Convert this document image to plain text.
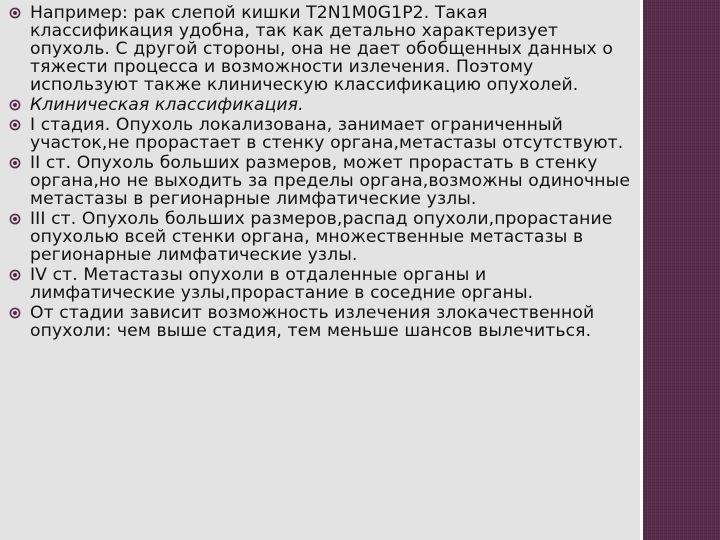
Например: рак слепой кишки T2N1M0G1P2. Такая классификация удобна, так как детально характеризует опухоль. С другой стороны, она не дает обобщенных данных о тяжести процесса и возможности излечения. Поэтому используют также клиническую классификацию опухолей.
Клиническая классификация.
I стадия. Опухоль локализована, занимает ограниченный участок,не прорастает в стенку органа,метастазы отсутствуют.
II ст. Опухоль больших размеров, может прорастать в стенку органа,но не выходить за пределы органа,возможны одиночные метастазы в регионарные лимфатические узлы.
III ст. Опухоль больших размеров,распад опухоли,прорастание опухолью всей стенки органа, множественные метастазы в регионарные лимфатические узлы.
IV ст. Метастазы опухоли в отдаленные органы и лимфатические узлы,прорастание в соседние органы.
От стадии зависит возможность излечения злокачественной опухоли: чем выше стадия, тем меньше шансов вылечиться.
